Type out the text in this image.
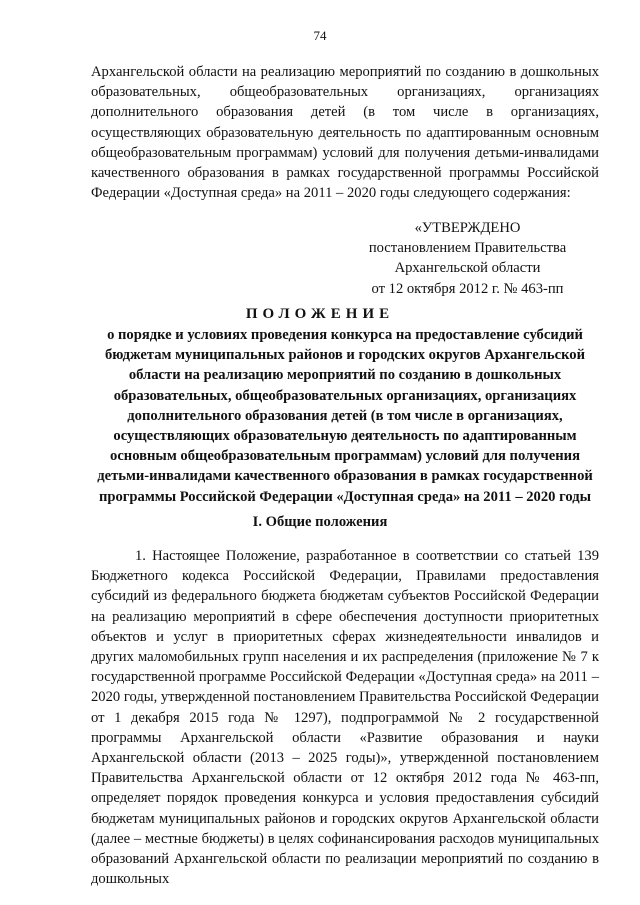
74
Архангельской области на реализацию мероприятий по созданию в дошкольных образовательных, общеобразовательных организациях, организациях дополнительного образования детей (в том числе в организациях, осуществляющих образовательную деятельность по адаптированным основным общеобразовательным программам) условий для получения детьми-инвалидами качественного образования в рамках государственной программы Российской Федерации «Доступная среда» на 2011 – 2020 годы следующего содержания:
«УТВЕРЖДЕНО
постановлением Правительства
Архангельской области
от 12 октября 2012 г. № 463-пп
ПОЛОЖЕНИЕ
о порядке и условиях проведения конкурса на предоставление субсидий бюджетам муниципальных районов и городских округов Архангельской области на реализацию мероприятий по созданию в дошкольных образовательных, общеобразовательных организациях, организациях дополнительного образования детей (в том числе в организациях, осуществляющих образовательную деятельность по адаптированным основным общеобразовательным программам) условий для получения детьми-инвалидами качественного образования в рамках государственной программы Российской Федерации «Доступная среда» на 2011 – 2020 годы
I. Общие положения
1. Настоящее Положение, разработанное в соответствии со статьей 139 Бюджетного кодекса Российской Федерации, Правилами предоставления субсидий из федерального бюджета бюджетам субъектов Российской Федерации на реализацию мероприятий в сфере обеспечения доступности приоритетных объектов и услуг в приоритетных сферах жизнедеятельности инвалидов и других маломобильных групп населения и их распределения (приложение № 7 к государственной программе Российской Федерации «Доступная среда» на 2011 – 2020 годы, утвержденной постановлением Правительства Российской Федерации от 1 декабря 2015 года № 1297), подпрограммой № 2 государственной программы Архангельской области «Развитие образования и науки Архангельской области (2013 – 2025 годы)», утвержденной постановлением Правительства Архангельской области от 12 октября 2012 года № 463-пп, определяет порядок проведения конкурса и условия предоставления субсидий бюджетам муниципальных районов и городских округов Архангельской области (далее – местные бюджеты) в целях софинансирования расходов муниципальных образований Архангельской области по реализации мероприятий по созданию в дошкольных
